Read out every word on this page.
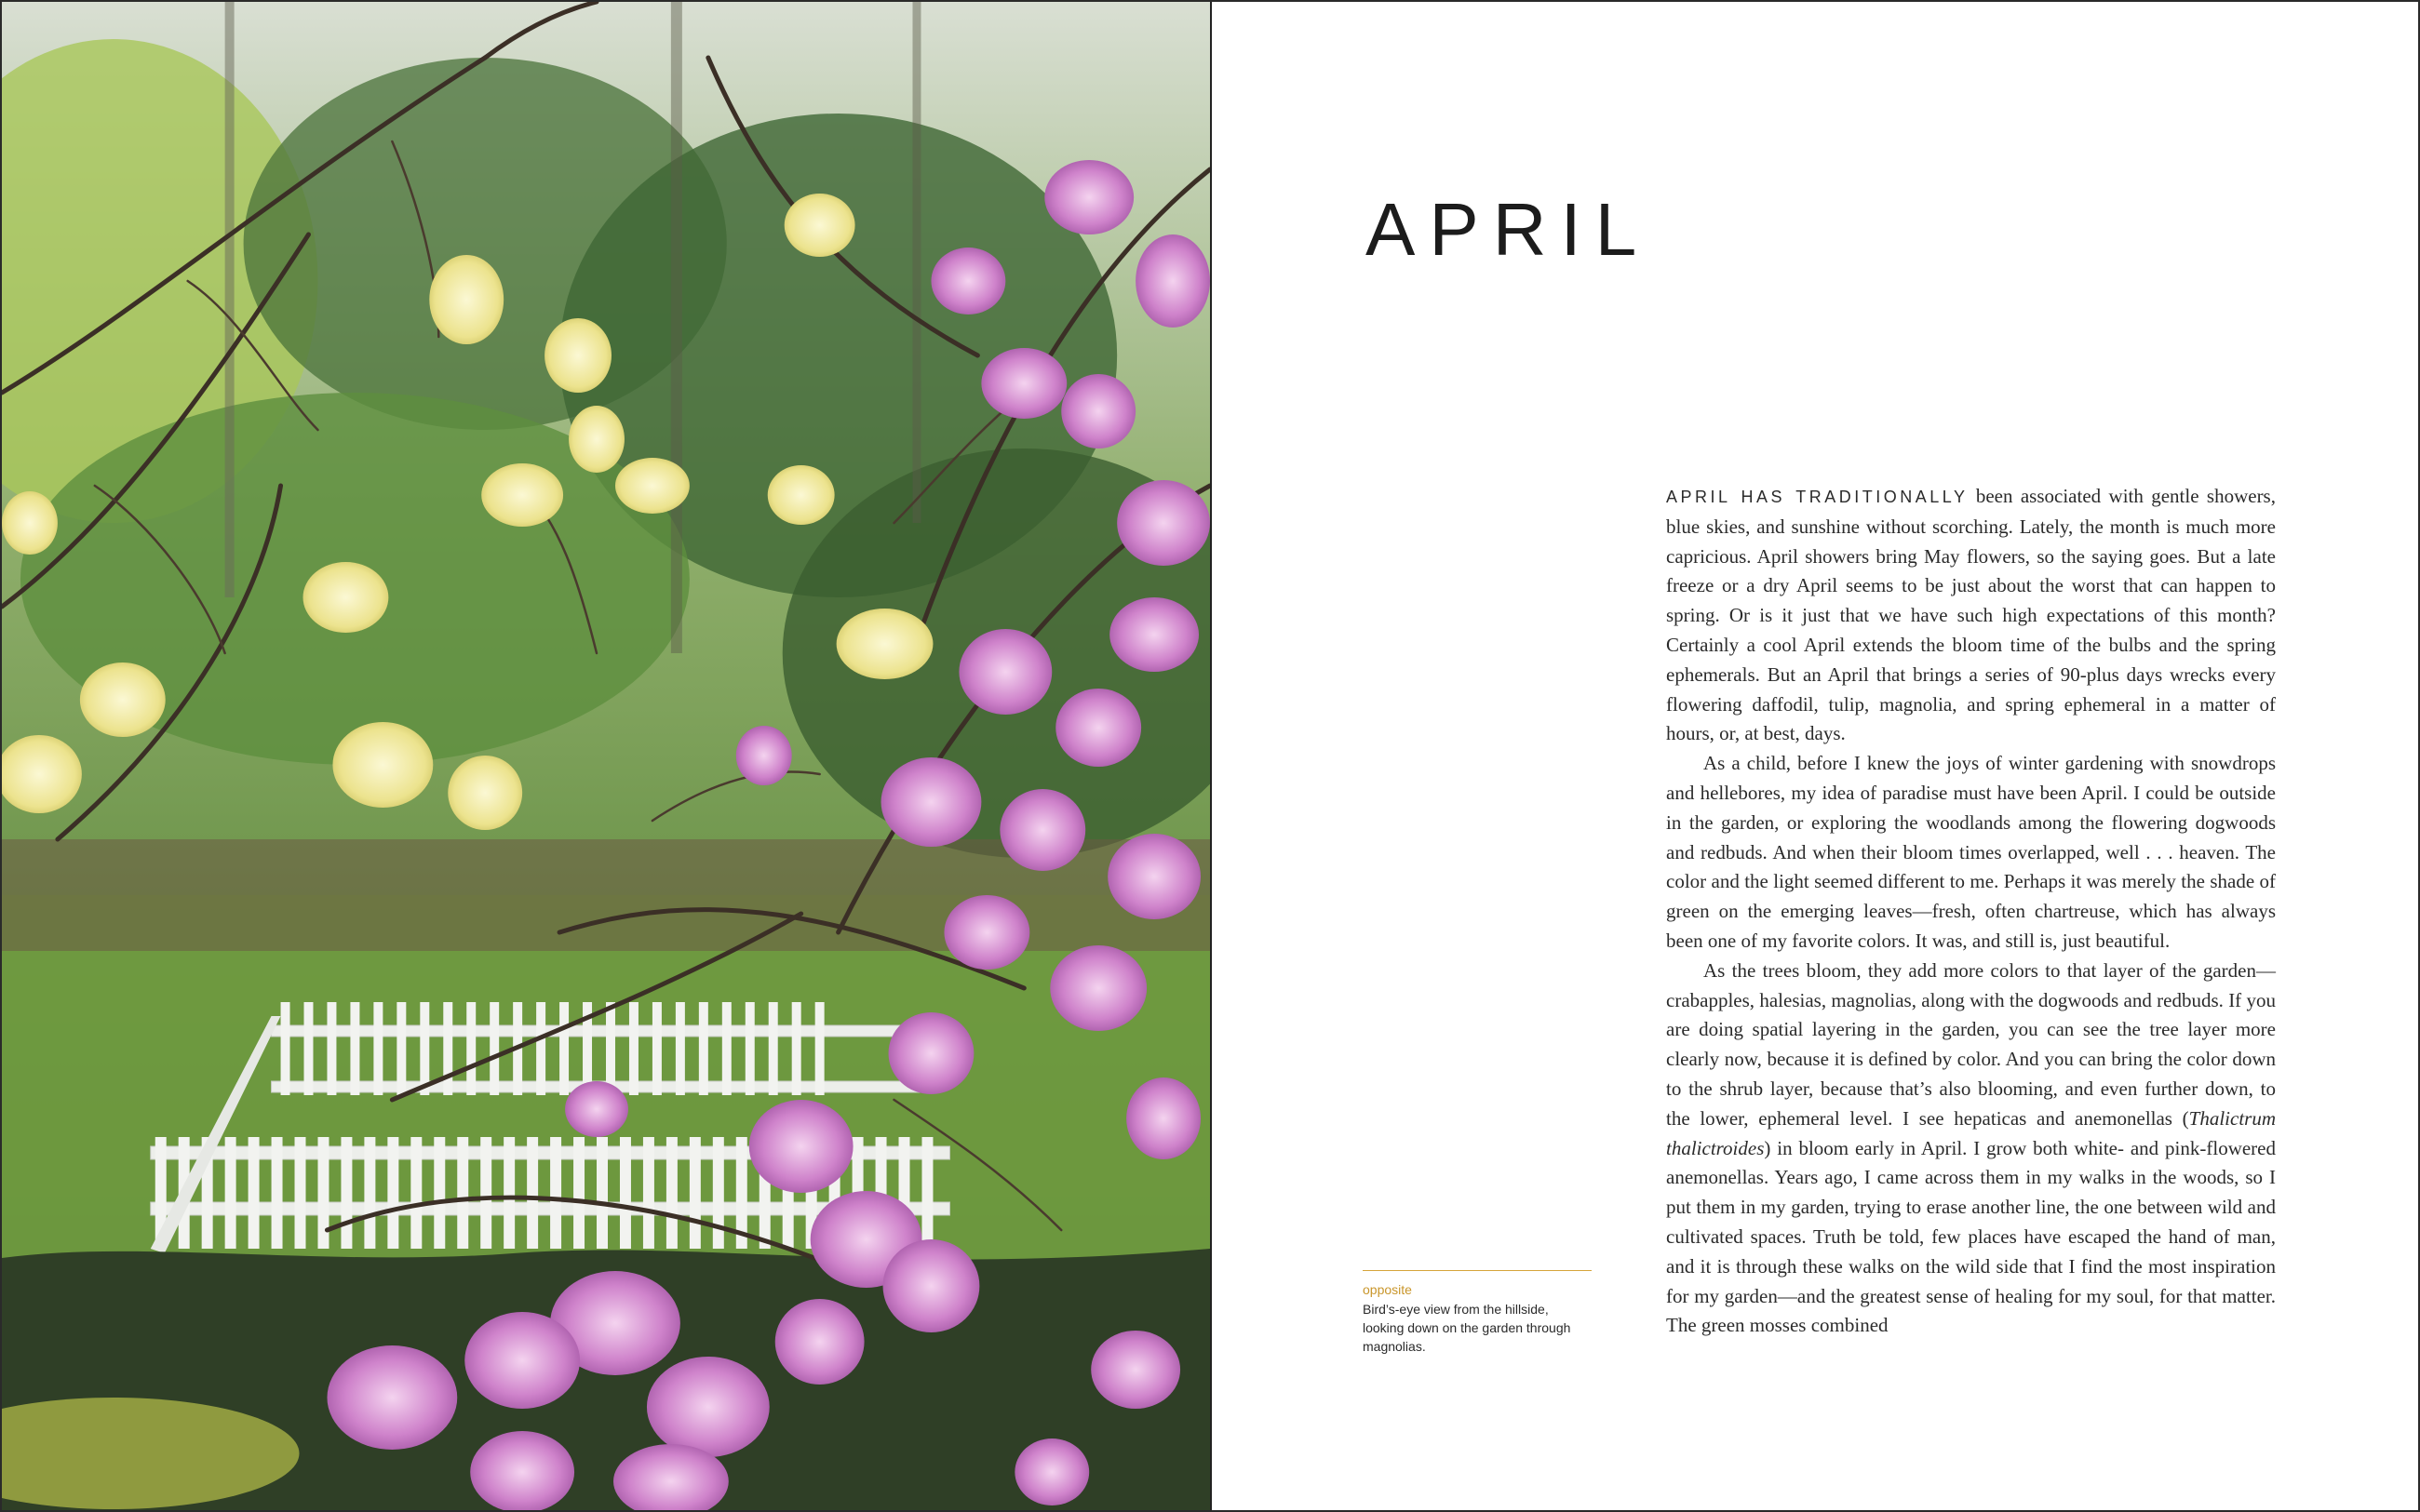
APRIL

APRIL HAS TRADITIONALLY been associated with gentle showers, blue skies, and sunshine without scorching. Lately, the month is much more capricious. April showers bring May flowers, so the saying goes. But a late freeze or a dry April seems to be just about the worst that can happen to spring. Or is it just that we have such high expectations of this month? Certainly a cool April extends the bloom time of the bulbs and the spring ephemerals. But an April that brings a series of 90-plus days wrecks every flowering daffodil, tulip, magnolia, and spring ephemeral in a matter of hours, or, at best, days.

As a child, before I knew the joys of winter gardening with snowdrops and hellebores, my idea of paradise must have been April. I could be outside in the garden, or exploring the woodlands among the flowering dogwoods and redbuds. And when their bloom times overlapped, well . . . heaven. The color and the light seemed different to me. Perhaps it was merely the shade of green on the emerging leaves—fresh, often chartreuse, which has always been one of my favorite colors. It was, and still is, just beautiful.

As the trees bloom, they add more colors to that layer of the garden—crabapples, halesias, magnolias, along with the dogwoods and redbuds. If you are doing spatial layering in the garden, you can see the tree layer more clearly now, because it is defined by color. And you can bring the color down to the shrub layer, because that’s also blooming, and even further down, to the lower, ephemeral level. I see hepaticas and anemonellas (Thalictrum thalictroides) in bloom early in April. I grow both white- and pink-flowered anemonellas. Years ago, I came across them in my walks in the woods, so I put them in my garden, trying to erase another line, the one between wild and cultivated spaces. Truth be told, few places have escaped the hand of man, and it is through these walks on the wild side that I find the most inspiration for my garden—and the greatest sense of healing for my soul, for that matter. The green mosses combined

opposite
Bird’s-eye view from the hillside, looking down on the garden through magnolias.
